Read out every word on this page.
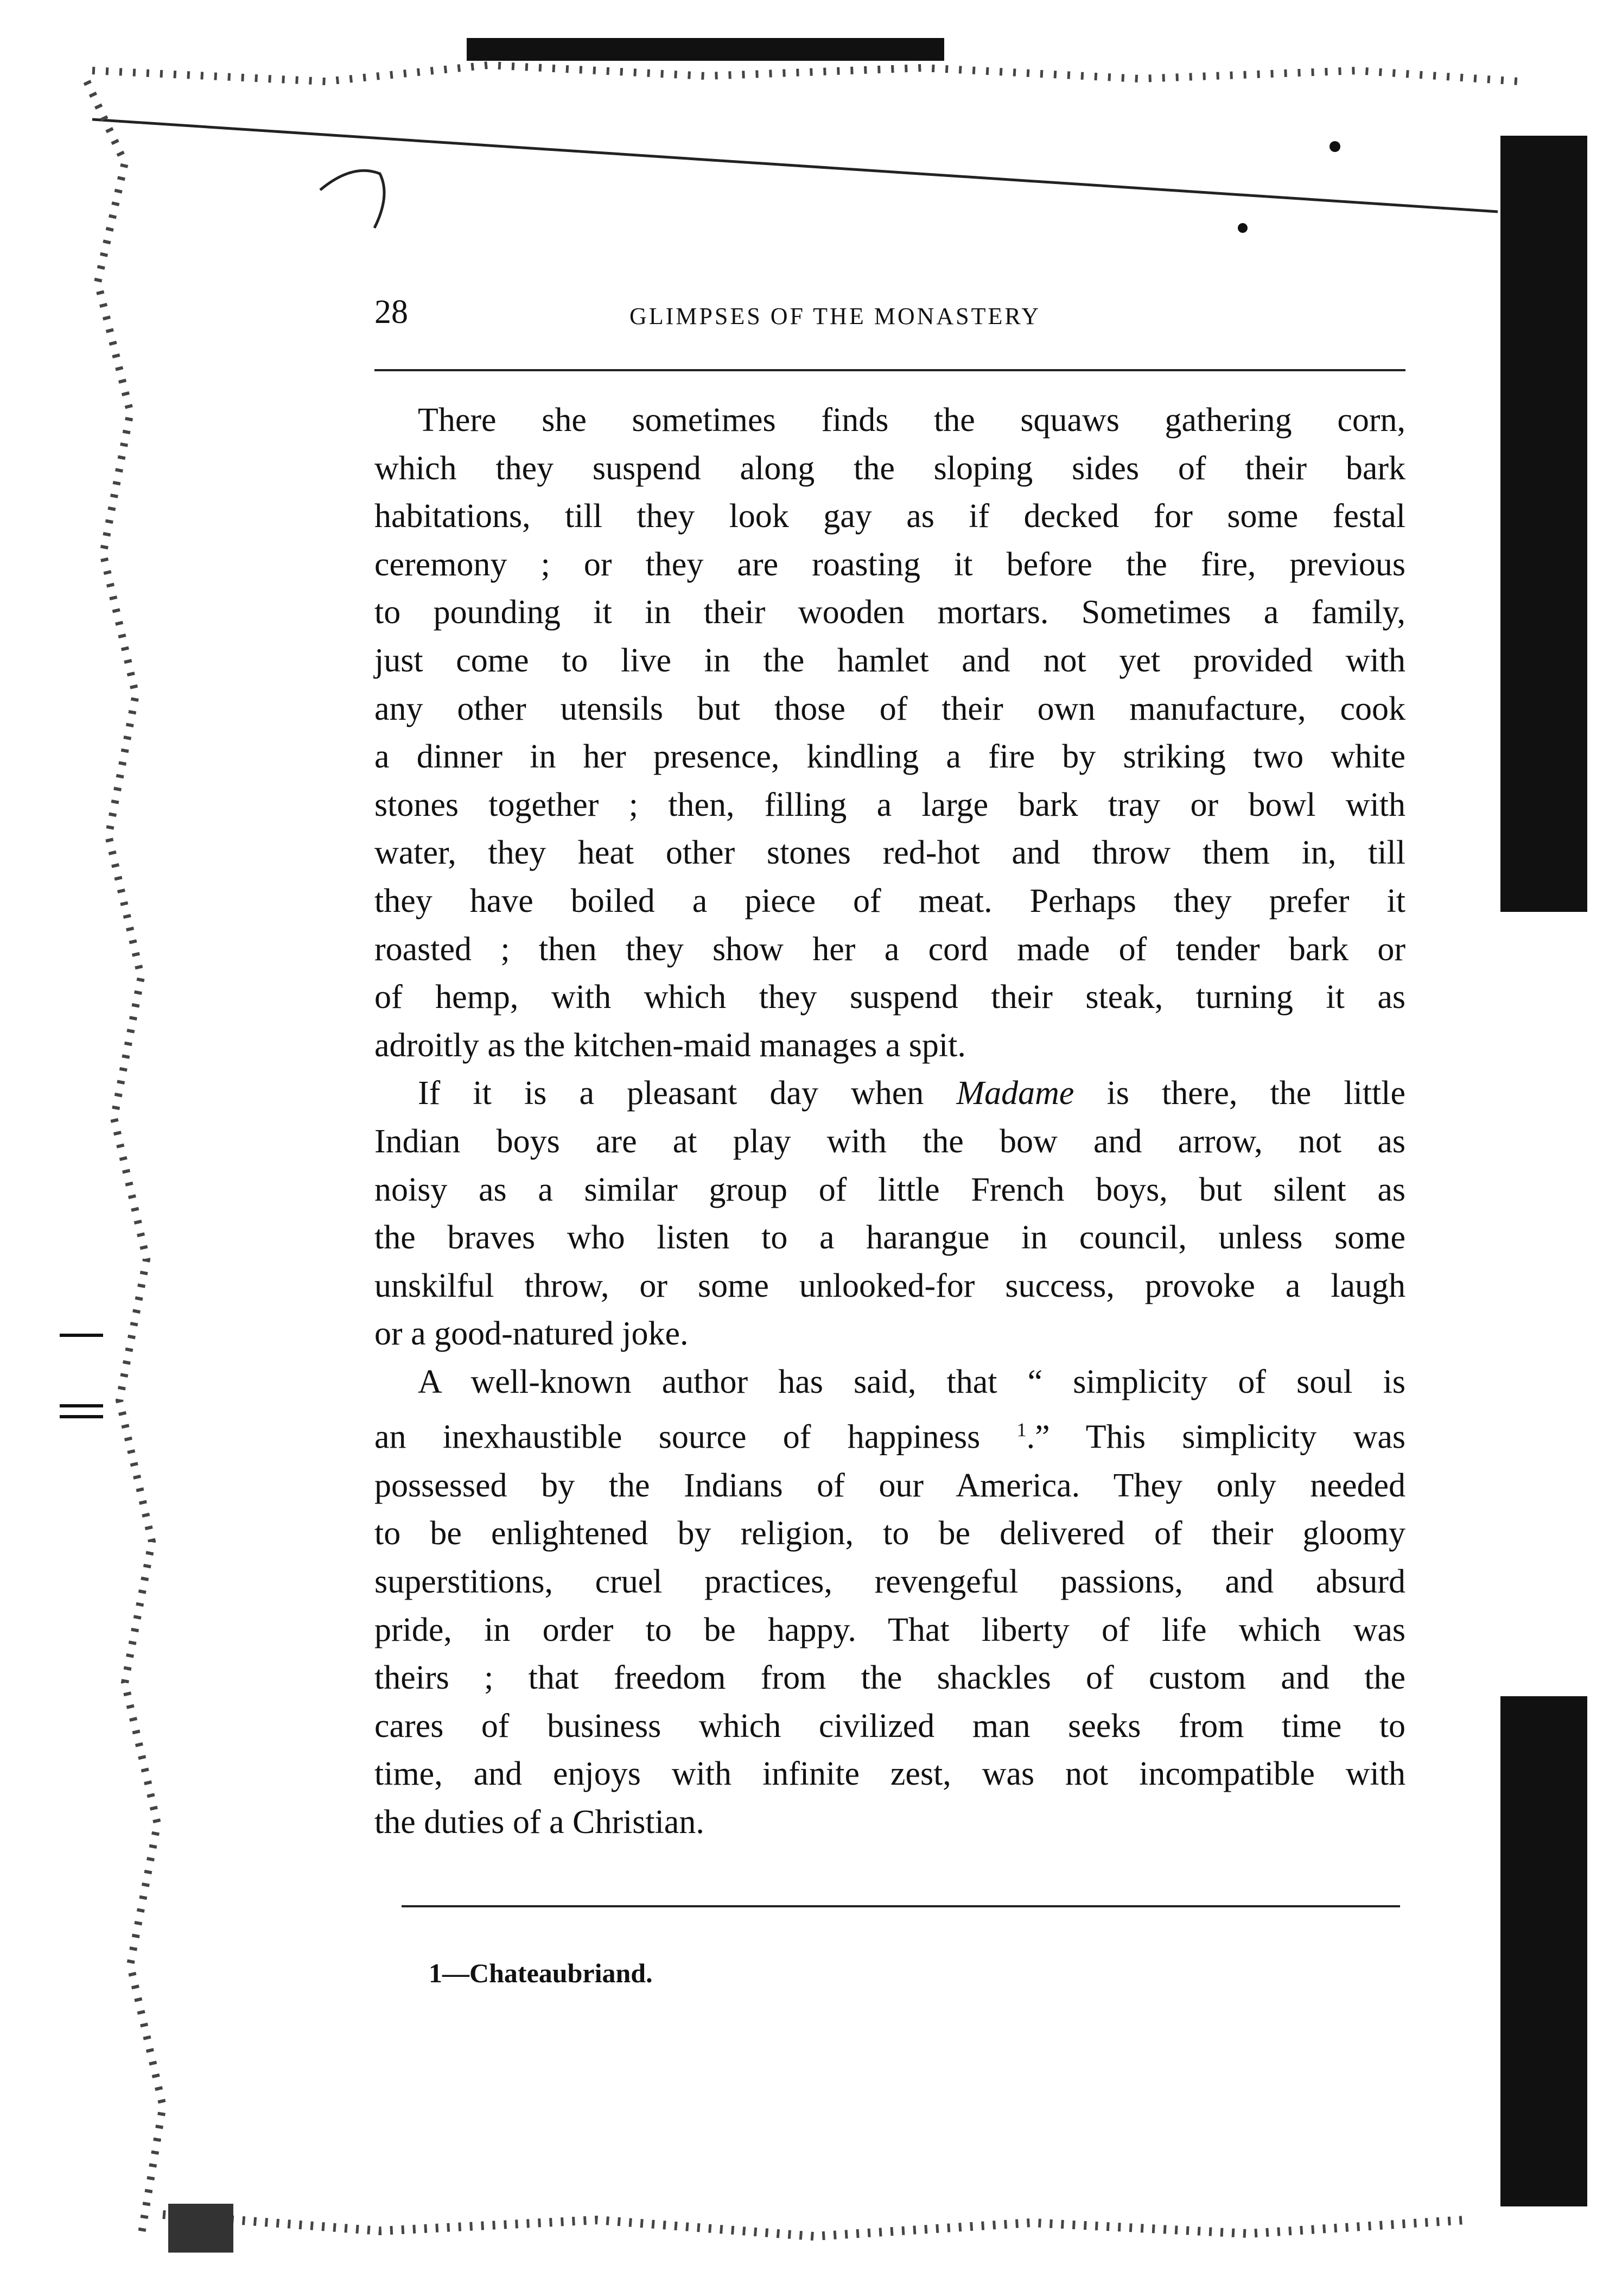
28	GLIMPSES OF THE MONASTERY
There she sometimes finds the squaws gathering corn,
which they suspend along the sloping sides of their bark
habitations, till they look gay as if decked for some festal
ceremony ; or they are roasting it before the fire, previous
to pounding it in their wooden mortars. Sometimes a family,
just come to live in the hamlet and not yet provided with
any other utensils but those of their own manufacture, cook
a dinner in her presence, kindling a fire by striking two white
stones together ; then, filling a large bark tray or bowl with
water, they heat other stones red-hot and throw them in, till
they have boiled a piece of meat. Perhaps they prefer it
roasted ; then they show her a cord made of tender bark or
of hemp, with which they suspend their steak, turning it as
adroitly as the kitchen-maid manages a spit.
If it is a pleasant day when Madame is there, the little
Indian boys are at play with the bow and arrow, not as
noisy as a similar group of little French boys, but silent as
the braves who listen to a harangue in council, unless some
unskilful throw, or some unlooked-for success, provoke a laugh
or a good-natured joke.
A well-known author has said, that “ simplicity of soul is
an inexhaustible source of happiness $^1$.” This simplicity was
possessed by the Indians of our America. They only needed
to be enlightened by religion, to be delivered of their gloomy
superstitions, cruel practices, revengeful passions, and absurd
pride, in order to be happy. That liberty of life which was
theirs ; that freedom from the shackles of custom and the
cares of business which civilized man seeks from time to
time, and enjoys with infinite zest, was not incompatible with
the duties of a Christian.
1—Chateaubriand.
